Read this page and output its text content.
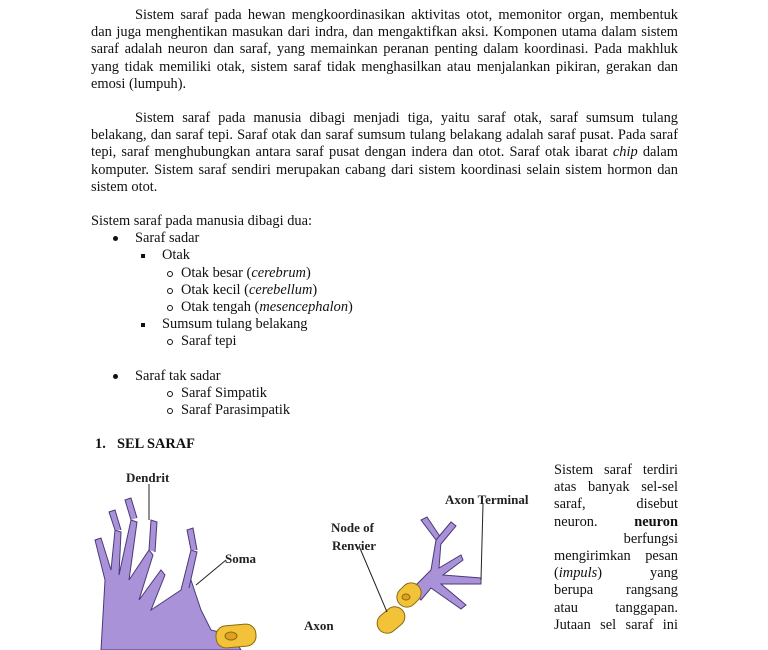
Sistem saraf pada hewan mengkoordinasikan aktivitas otot, memonitor organ, membentuk dan juga menghentikan masukan dari indra, dan mengaktifkan aksi. Komponen utama dalam sistem saraf adalah neuron dan saraf, yang memainkan peranan penting dalam koordinasi. Pada makhluk yang tidak memiliki otak, sistem saraf tidak menghasilkan atau menjalankan pikiran, gerakan dan emosi (lumpuh).

Sistem saraf pada manusia dibagi menjadi tiga, yaitu saraf otak, saraf sumsum tulang belakang, dan saraf tepi. Saraf otak dan saraf sumsum tulang belakang adalah saraf pusat. Pada saraf tepi, saraf menghubungkan antara saraf pusat dengan indera dan otot. Saraf otak ibarat chip dalam komputer. Sistem saraf sendiri merupakan cabang dari sistem koordinasi selain sistem hormon dan sistem otot.

Sistem saraf pada manusia dibagi dua:

Saraf sadar
Otak
Otak besar (cerebrum)
Otak kecil (cerebellum)
Otak tengah (mesencephalon)
Sumsum tulang belakang
Saraf tepi
Saraf tak sadar
Saraf Simpatik
Saraf Parasimpatik

1. SEL SARAF

Sistem saraf terdiri

atas banyak sel-sel

saraf, disebut

neuron.	neuron

berfungsi

mengirimkan pesan

(impuls) yang

berupa rangsang

atau tanggapan.

Jutaan sel saraf ini

Dendrit
Soma
Axon Terminal
Node of
Renvier
Axon
